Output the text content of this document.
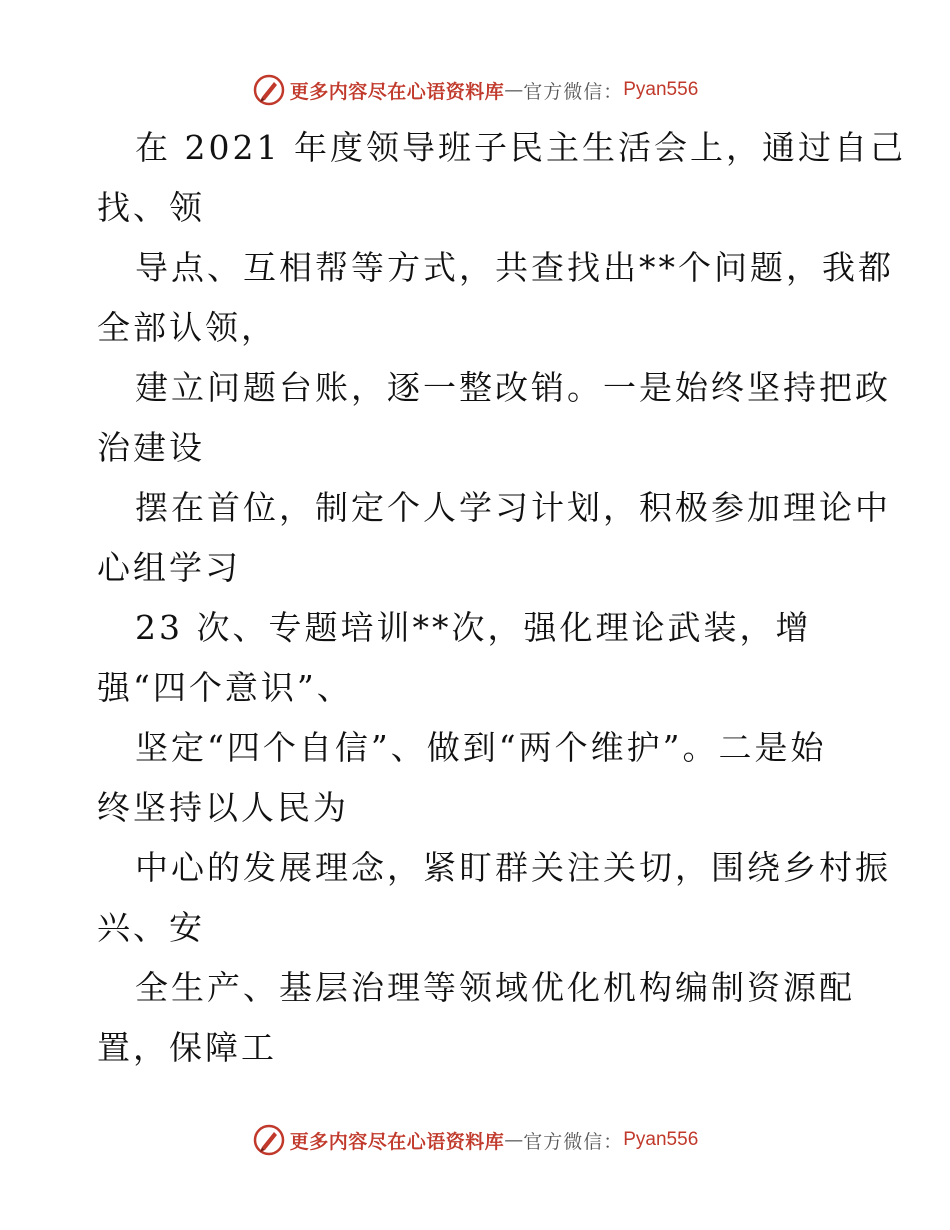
更多内容尽在心语资料库 — 官方微信： Pyan556
在 2021 年度领导班子民主生活会上，通过自己
找、领
导点、互相帮等方式，共查找出**个问题，我都
全部认领，
建立问题台账，逐一整改销。一是始终坚持把政
治建设
摆在首位，制定个人学习计划，积极参加理论中
心组学习
23 次、专题培训**次，强化理论武装，增
强“四个意识”、
坚定“四个自信”、做到“两个维护”。二是始
终坚持以人民为
中心的发展理念，紧盯群关注关切，围绕乡村振
兴、安
全生产、基层治理等领域优化机构编制资源配
置，保障工
更多内容尽在心语资料库 — 官方微信： Pyan556
